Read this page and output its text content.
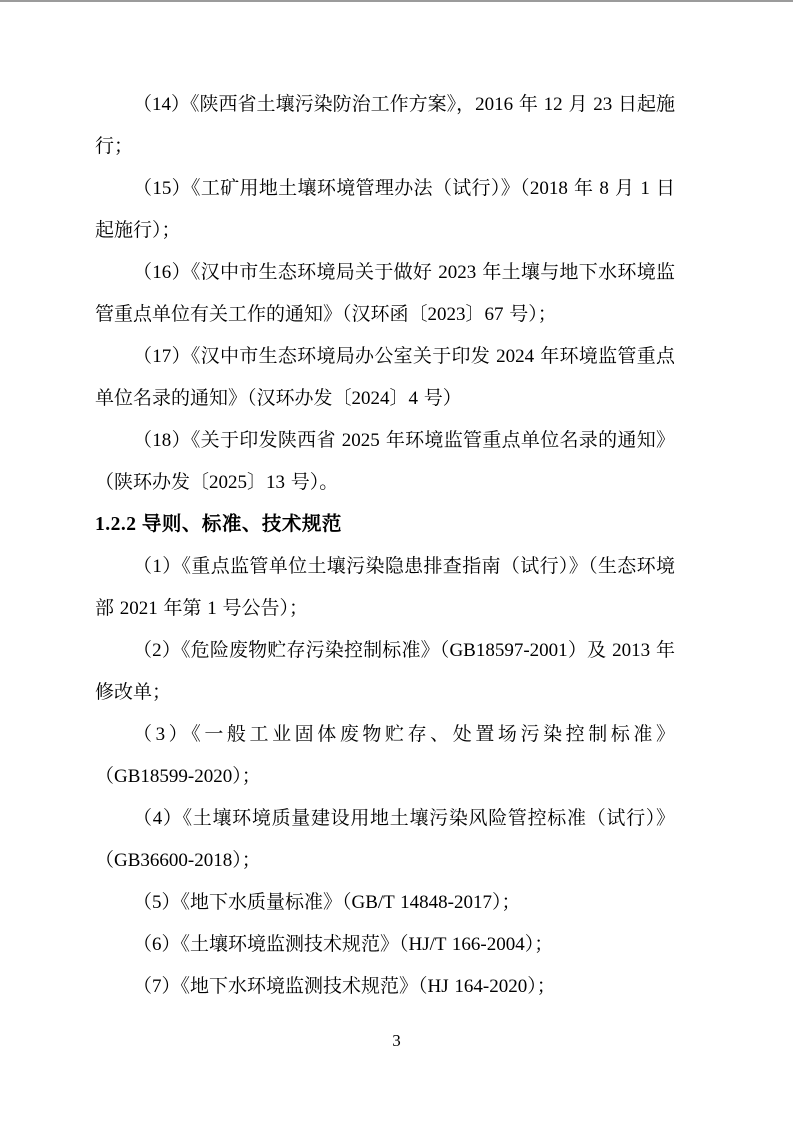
（14）《陕西省土壤污染防治工作方案》，2016 年 12 月 23 日起施行；

（15）《工矿用地土壤环境管理办法（试行）》（2018 年 8 月 1 日起施行）；

（16）《汉中市生态环境局关于做好 2023 年土壤与地下水环境监管重点单位有关工作的通知》（汉环函〔2023〕67 号）；

（17）《汉中市生态环境局办公室关于印发 2024 年环境监管重点单位名录的通知》（汉环办发〔2024〕4 号）

（18）《关于印发陕西省 2025 年环境监管重点单位名录的通知》（陕环办发〔2025〕13 号）。

1.2.2 导则、标准、技术规范

（1）《重点监管单位土壤污染隐患排查指南（试行）》（生态环境部 2021 年第 1 号公告）；

（2）《危险废物贮存污染控制标准》（GB18597-2001）及 2013 年修改单；

（3）《一般工业固体废物贮存、处置场污染控制标准》（GB18599-2020）；

（4）《土壤环境质量建设用地土壤污染风险管控标准（试行）》（GB36600-2018）；

（5）《地下水质量标准》（GB/T 14848-2017）；

（6）《土壤环境监测技术规范》（HJ/T 166-2004）；

（7）《地下水环境监测技术规范》（HJ 164-2020）；

3
